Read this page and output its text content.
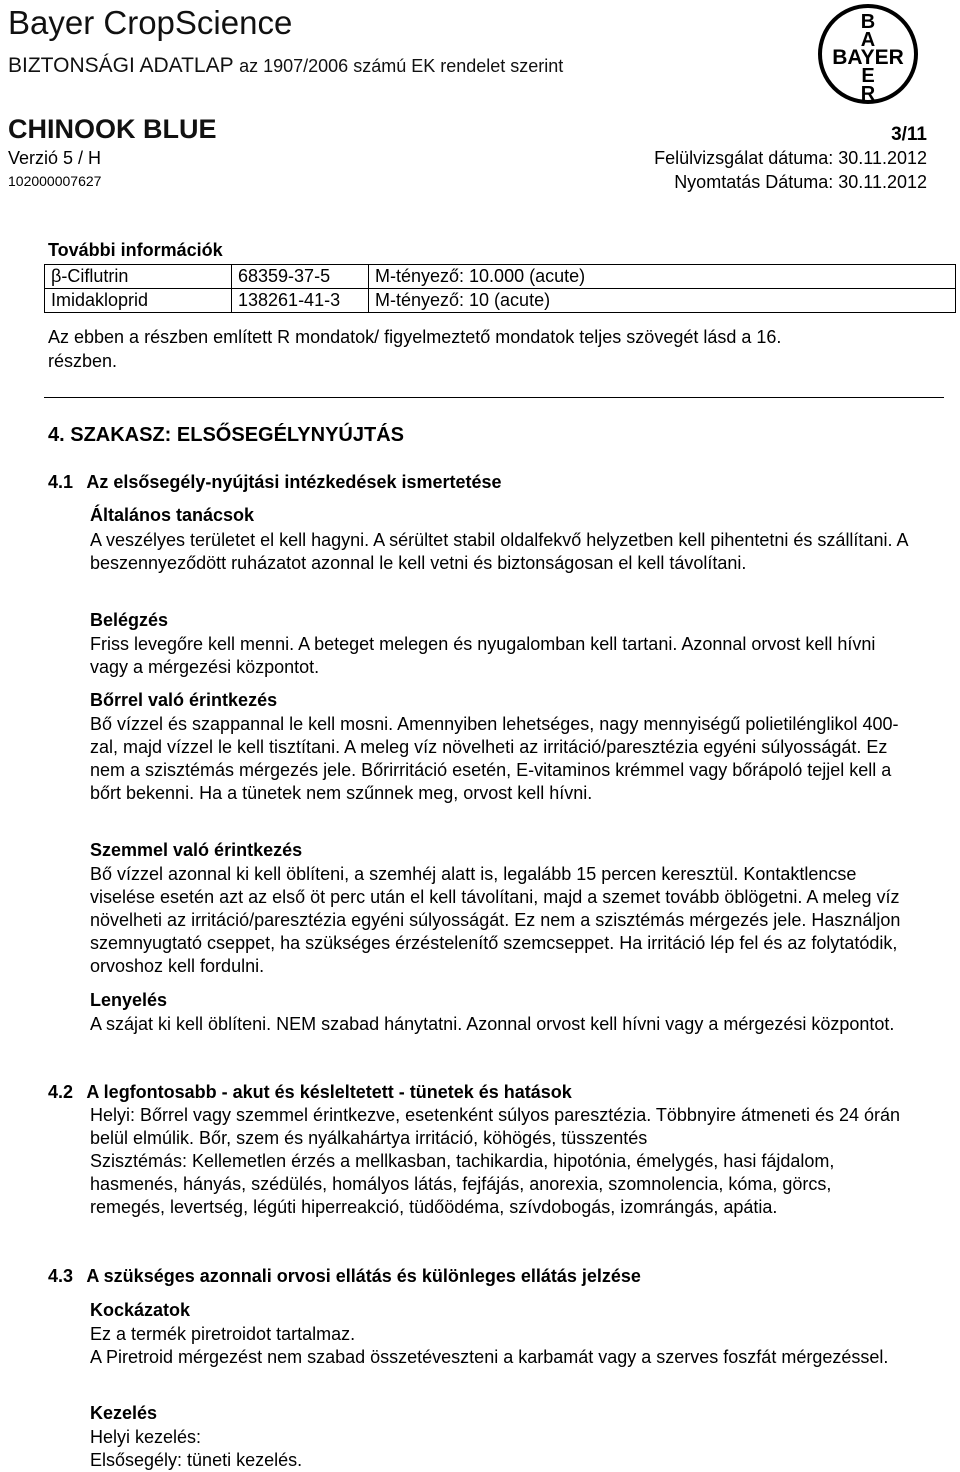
Bayer CropScience
BIZTONSÁGI ADATLAP az 1907/2006 számú EK rendelet szerint
B
A
BAYER
E
R
CHINOOK BLUE	3/11
Verzió 5 / H	Felülvizsgálat dátuma: 30.11.2012
102000007627	Nyomtatás Dátuma: 30.11.2012
További információk
β-Ciflutrin	68359-37-5	M-tényező: 10.000 (acute)
Imidakloprid	138261-41-3	M-tényező: 10 (acute)
Az ebben a részben említett R mondatok/ figyelmeztető mondatok teljes szövegét lásd a 16.
részben.
4. SZAKASZ: ELSŐSEGÉLYNYÚJTÁS
4.1 Az elsősegély-nyújtási intézkedések ismertetése
Általános tanácsok
A veszélyes területet el kell hagyni. A sérültet stabil oldalfekvő helyzetben kell pihentetni és szállítani. A beszennyeződött ruházatot azonnal le kell vetni és biztonságosan el kell távolítani.
Belégzés
Friss levegőre kell menni. A beteget melegen és nyugalomban kell tartani. Azonnal orvost kell hívni vagy a mérgezési központot.
Bőrrel való érintkezés
Bő vízzel és szappannal le kell mosni. Amennyiben lehetséges, nagy mennyiségű polietilénglikol 400-zal, majd vízzel le kell tisztítani. A meleg víz növelheti az irritáció/paresztézia egyéni súlyosságát. Ez nem a szisztémás mérgezés jele. Bőrirritáció esetén, E-vitaminos krémmel vagy bőrápoló tejjel kell a bőrt bekenni. Ha a tünetek nem szűnnek meg, orvost kell hívni.
Szemmel való érintkezés
Bő vízzel azonnal ki kell öblíteni, a szemhéj alatt is, legalább 15 percen keresztül. Kontaktlencse viselése esetén azt az első öt perc után el kell távolítani, majd a szemet tovább öblögetni. A meleg víz növelheti az irritáció/paresztézia egyéni súlyosságát. Ez nem a szisztémás mérgezés jele. Használjon szemnyugtató cseppet, ha szükséges érzéstelenítő szemcseppet. Ha irritáció lép fel és az folytatódik, orvoshoz kell fordulni.
Lenyelés
A szájat ki kell öblíteni. NEM szabad hánytatni. Azonnal orvost kell hívni vagy a mérgezési központot.
4.2 A legfontosabb - akut és késleltetett - tünetek és hatások
Helyi: Bőrrel vagy szemmel érintkezve, esetenként súlyos paresztézia. Többnyire átmeneti és 24 órán belül elmúlik. Bőr, szem és nyálkahártya irritáció, köhögés, tüsszentés
Szisztémás: Kellemetlen érzés a mellkasban, tachikardia, hipotónia, émelygés, hasi fájdalom, hasmenés, hányás, szédülés, homályos látás, fejfájás, anorexia, szomnolencia, kóma, görcs, remegés, levertség, légúti hiperreakció, tüdőödéma, szívdobogás, izomrángás, apátia.
4.3 A szükséges azonnali orvosi ellátás és különleges ellátás jelzése
Kockázatok
Ez a termék piretroidot tartalmaz.
A Piretroid mérgezést nem szabad összetéveszteni a karbamát vagy a szerves foszfát mérgezéssel.
Kezelés
Helyi kezelés:
Elsősegély: tüneti kezelés.
